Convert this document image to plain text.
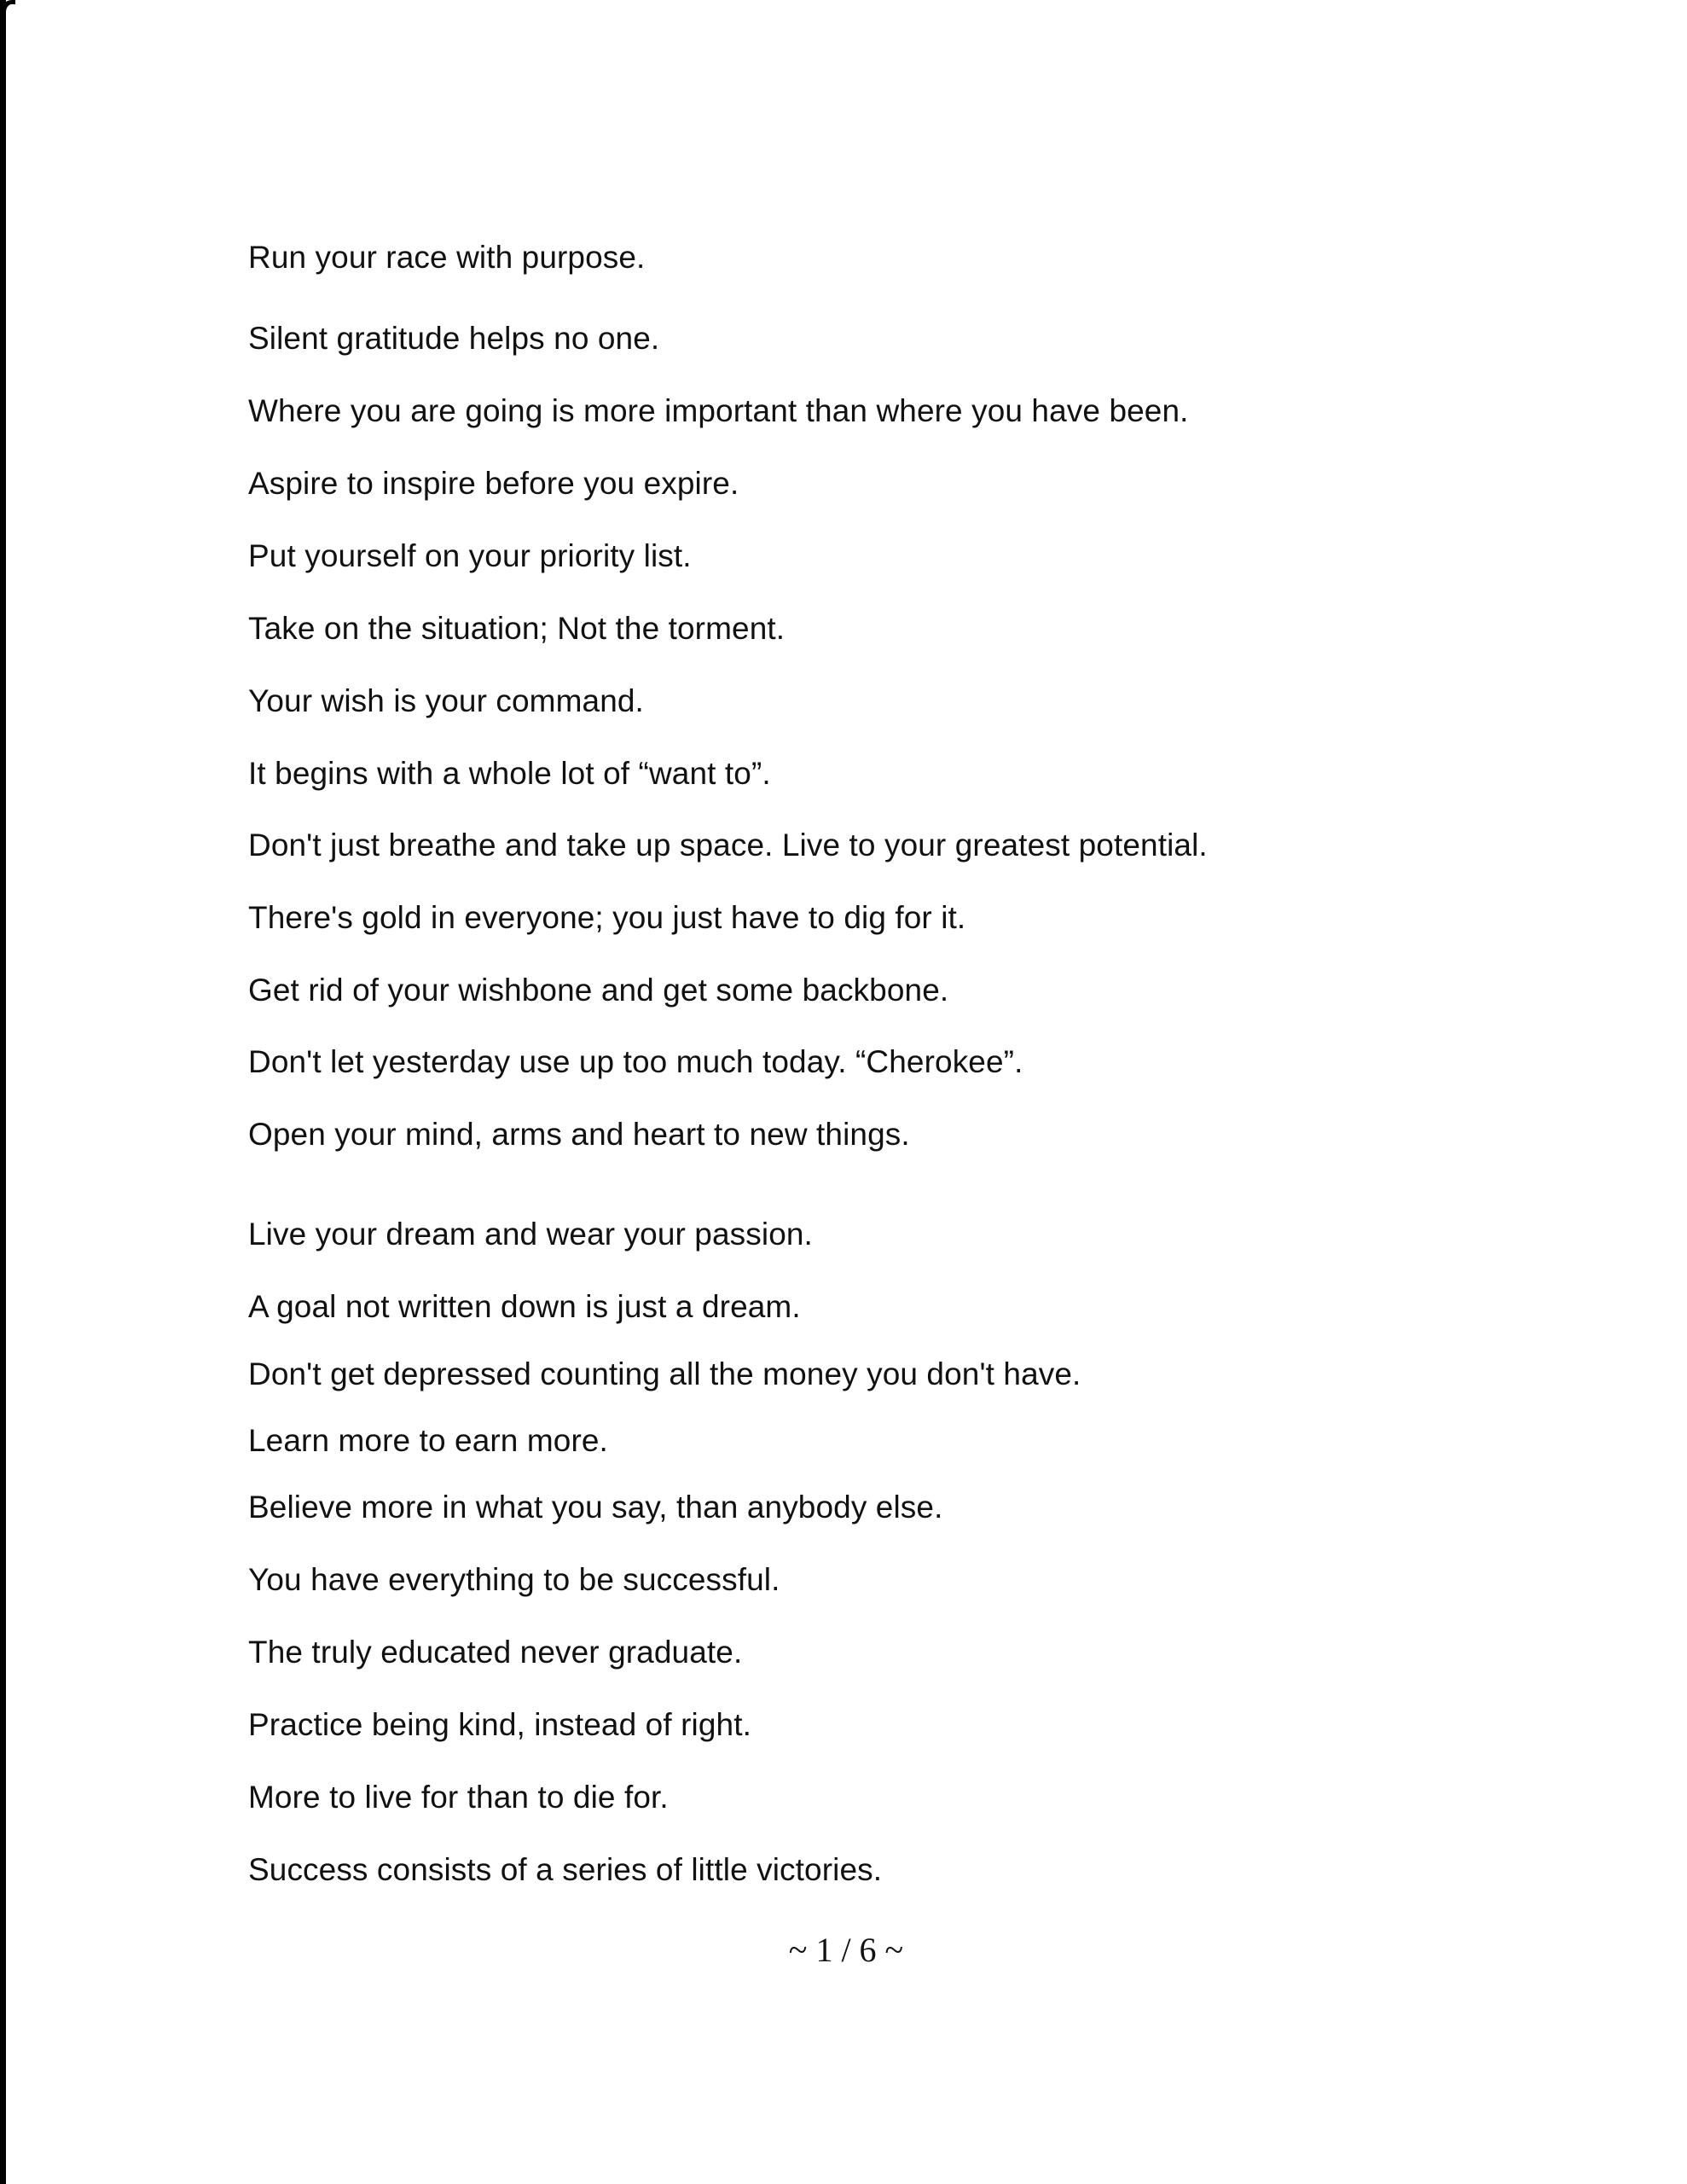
Run your race with purpose.

Silent gratitude helps no one.

Where you are going is more important than where you have been.

Aspire to inspire before you expire.

Put yourself on your priority list.

Take on the situation; Not the torment.

Your wish is your command.

It begins with a whole lot of “want to”.

Don't just breathe and take up space. Live to your greatest potential.

There's gold in everyone; you just have to dig for it.

Get rid of your wishbone and get some backbone.

Don't let yesterday use up too much today. “Cherokee”.

Open your mind, arms and heart to new things.

Live your dream and wear your passion.

A goal not written down is just a dream.

Don't get depressed counting all the money you don't have.

Learn more to earn more.

Believe more in what you say, than anybody else.

You have everything to be successful.

The truly educated never graduate.

Practice being kind, instead of right.

More to live for than to die for.

Success consists of a series of little victories.

~ 1 / 6 ~
